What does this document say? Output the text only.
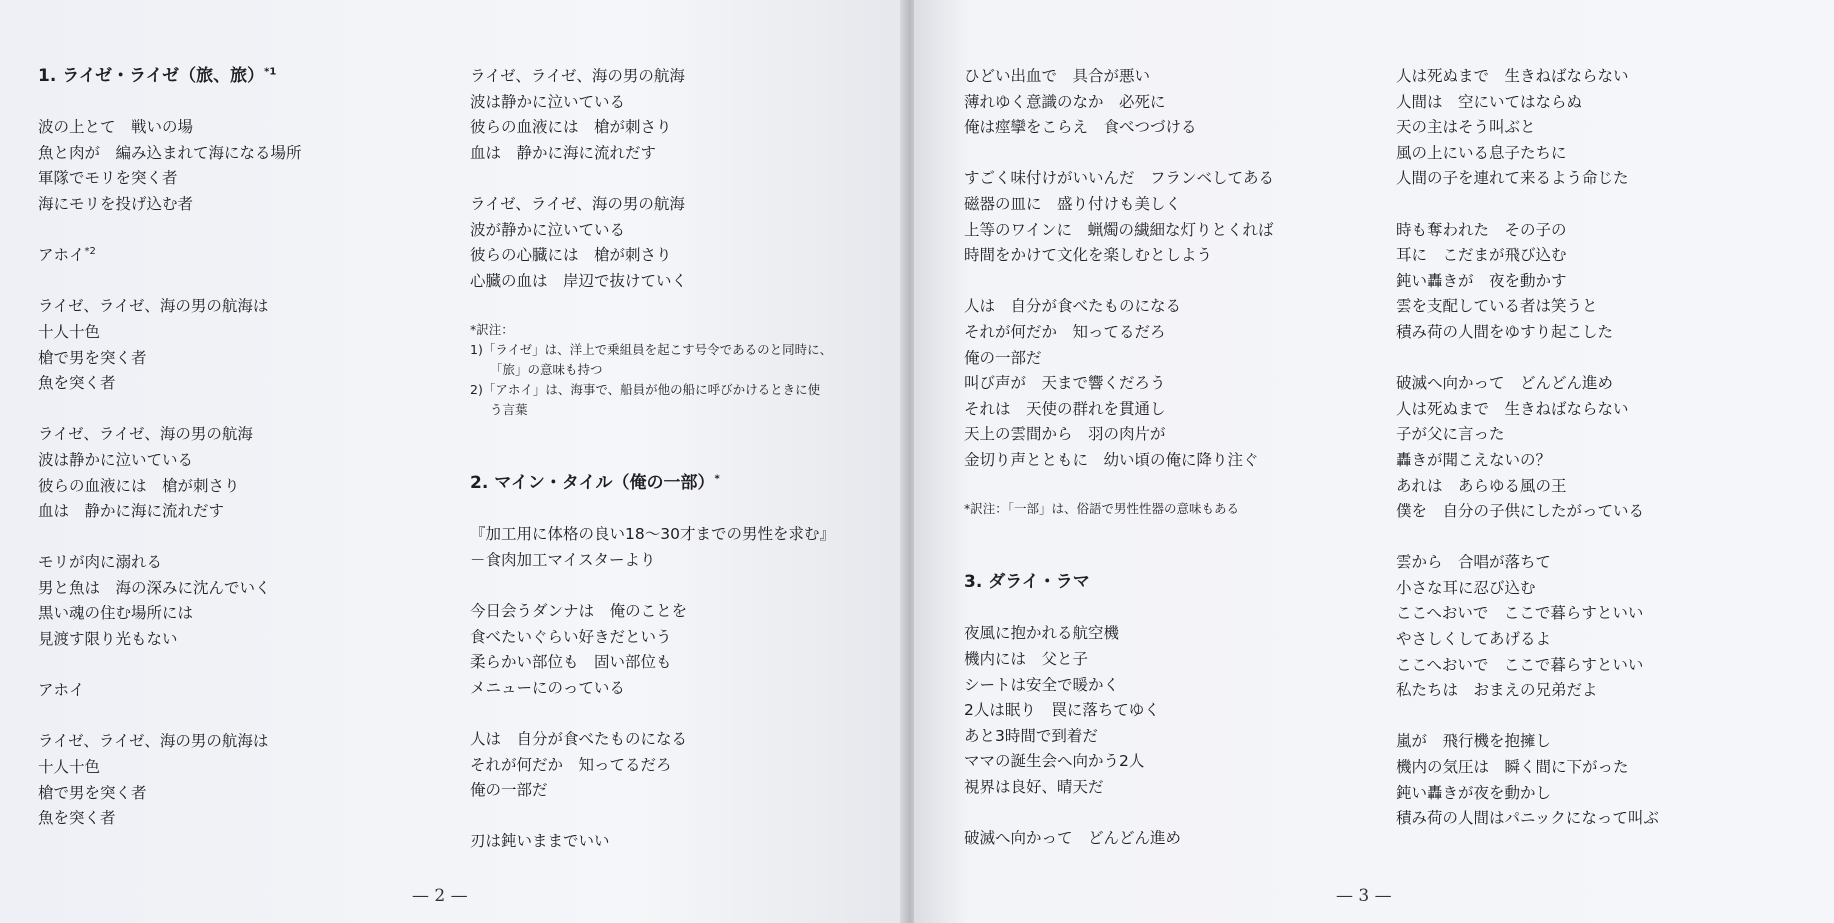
1. ライゼ・ライゼ（旅、旅）$^{*1}$
波の上とて　戦いの場
魚と肉が　編み込まれて海になる場所
軍隊でモリを突く者
海にモリを投げ込む者
アホイ$^{*2}$
ライゼ、ライゼ、海の男の航海は
十人十色
槍で男を突く者
魚を突く者
ライゼ、ライゼ、海の男の航海
波は静かに泣いている
彼らの血液には　槍が刺さり
血は　静かに海に流れだす
モリが肉に溺れる
男と魚は　海の深みに沈んでいく
黒い魂の住む場所には
見渡す限り光もない
アホイ
ライゼ、ライゼ、海の男の航海は
十人十色
槍で男を突く者
魚を突く者
ライゼ、ライゼ、海の男の航海
波は静かに泣いている
彼らの血液には　槍が刺さり
血は　静かに海に流れだす
ライゼ、ライゼ、海の男の航海
波が静かに泣いている
彼らの心臓には　槍が刺さり
心臓の血は　岸辺で抜けていく
*訳注：
1)「ライゼ」は、洋上で乗組員を起こす号令であるのと同時に、
「旅」の意味も持つ
2)「アホイ」は、海事で、船員が他の船に呼びかけるときに使
う言葉
2. マイン・タイル（俺の一部）*
『加工用に体格の良い18～30才までの男性を求む』
－食肉加工マイスターより
今日会うダンナは　俺のことを
食べたいぐらい好きだという
柔らかい部位も　固い部位も
メニューにのっている
人は　自分が食べたものになる
それが何だか　知ってるだろ
俺の一部だ
刃は鈍いままでいい
— 2 —
ひどい出血で　具合が悪い
薄れゆく意識のなか　必死に
俺は痙攣をこらえ　食べつづける
すごく味付けがいいんだ　フランベしてある
磁器の皿に　盛り付けも美しく
上等のワインに　蝋燭の繊細な灯りとくれば
時間をかけて文化を楽しむとしよう
人は　自分が食べたものになる
それが何だか　知ってるだろ
俺の一部だ
叫び声が　天まで響くだろう
それは　天使の群れを貫通し
天上の雲間から　羽の肉片が
金切り声とともに　幼い頃の俺に降り注ぐ
*訳注：「一部」は、俗語で男性性器の意味もある
3. ダライ・ラマ
夜風に抱かれる航空機
機内には　父と子
シートは安全で暖かく
2人は眠り　罠に落ちてゆく
あと3時間で到着だ
ママの誕生会へ向かう2人
視界は良好、晴天だ
破滅へ向かって　どんどん進め
人は死ぬまで　生きねばならない
人間は　空にいてはならぬ
天の主はそう叫ぶと
風の上にいる息子たちに
人間の子を連れて来るよう命じた
時も奪われた　その子の
耳に　こだまが飛び込む
鈍い轟きが　夜を動かす
雲を支配している者は笑うと
積み荷の人間をゆすり起こした
破滅へ向かって　どんどん進め
人は死ぬまで　生きねばならない
子が父に言った
轟きが聞こえないの？
あれは　あらゆる風の王
僕を　自分の子供にしたがっている
雲から　合唱が落ちて
小さな耳に忍び込む
ここへおいで　ここで暮らすといい
やさしくしてあげるよ
ここへおいで　ここで暮らすといい
私たちは　おまえの兄弟だよ
嵐が　飛行機を抱擁し
機内の気圧は　瞬く間に下がった
鈍い轟きが夜を動かし
積み荷の人間はパニックになって叫ぶ
— 3 —
